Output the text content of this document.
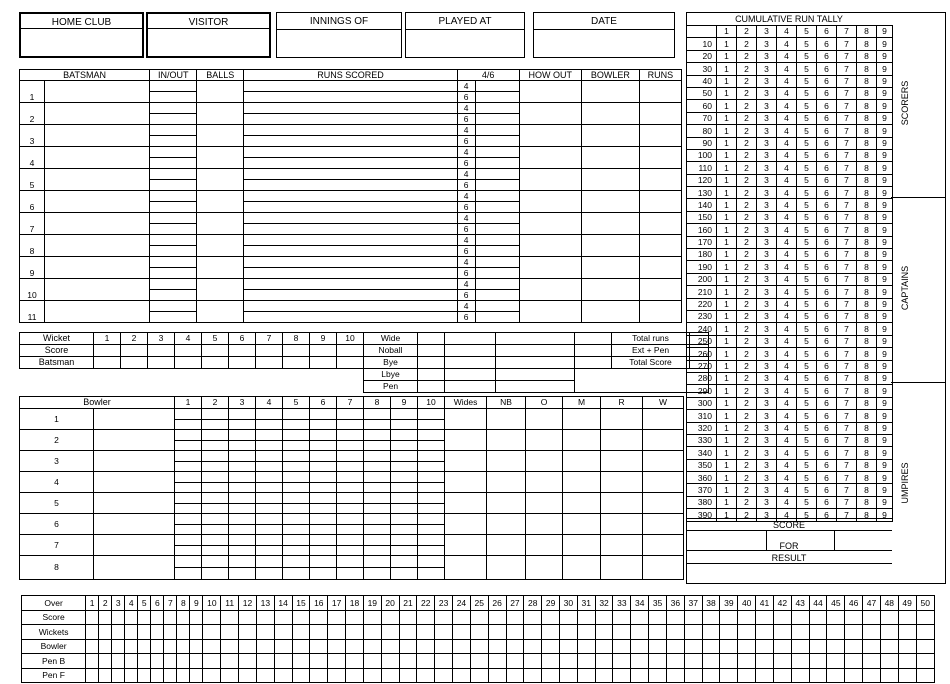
HOME CLUB	VISITOR	INNINGS OF	PLAYED AT	DATE
BATSMAN		IN/OUT	BALLS	RUNS SCORED	4/6		HOW OUT	BOWLER	RUNS
1					4				
					6				
2					4				
					6				
3					4				
					6				
4					4				
					6				
5					4				
					6				
6					4				
					6				
7					4				
					6				
8					4				
					6				
9					4				
					6				
10					4				
					6				
11					4				
					6				
Wicket	1	2	3	4	5	6	7	8	9	10
Score										
Batsman										

Wide					Total runs	
Noball					Ext + Pen	
Bye					Total Score	
Lbye						
Pen						
Bowler		1	2	3	4	5	6	7	8	9	10	Wides	NB	O	M	R	W
1																	

2																	

3																	

4																	

5																	

6																	

7																	

8																	

CUMULATIVE RUN TALLY
	1	2	3	4	5	6	7	8	9
10	1	2	3	4	5	6	7	8	9
20	1	2	3	4	5	6	7	8	9
30	1	2	3	4	5	6	7	8	9
40	1	2	3	4	5	6	7	8	9
50	1	2	3	4	5	6	7	8	9
60	1	2	3	4	5	6	7	8	9
70	1	2	3	4	5	6	7	8	9
80	1	2	3	4	5	6	7	8	9
90	1	2	3	4	5	6	7	8	9
100	1	2	3	4	5	6	7	8	9
110	1	2	3	4	5	6	7	8	9
120	1	2	3	4	5	6	7	8	9
130	1	2	3	4	5	6	7	8	9
140	1	2	3	4	5	6	7	8	9
150	1	2	3	4	5	6	7	8	9
160	1	2	3	4	5	6	7	8	9
170	1	2	3	4	5	6	7	8	9
180	1	2	3	4	5	6	7	8	9
190	1	2	3	4	5	6	7	8	9
200	1	2	3	4	5	6	7	8	9
210	1	2	3	4	5	6	7	8	9
220	1	2	3	4	5	6	7	8	9
230	1	2	3	4	5	6	7	8	9
240	1	2	3	4	5	6	7	8	9
250	1	2	3	4	5	6	7	8	9
260	1	2	3	4	5	6	7	8	9
270	1	2	3	4	5	6	7	8	9
280	1	2	3	4	5	6	7	8	9
290	1	2	3	4	5	6	7	8	9
300	1	2	3	4	5	6	7	8	9
310	1	2	3	4	5	6	7	8	9
320	1	2	3	4	5	6	7	8	9
330	1	2	3	4	5	6	7	8	9
340	1	2	3	4	5	6	7	8	9
350	1	2	3	4	5	6	7	8	9
360	1	2	3	4	5	6	7	8	9
370	1	2	3	4	5	6	7	8	9
380	1	2	3	4	5	6	7	8	9
390	1	2	3	4	5	6	7	8	9
SCORERS
CAPTAINS
UMPIRES
SCORE
FOR
RESULT
Over	1	2	3	4	5	6	7	8	9	10	11	12	13	14	15	16	17	18	19	20	21	22	23	24	25	26	27	28	29	30	31	32	33	34	35	36	37	38	39	40	41	42	43	44	45	46	47	48	49	50
Score																																																		
Wickets																																																		
Bowler																																																		
Pen B																																																		
Pen F																																																		
